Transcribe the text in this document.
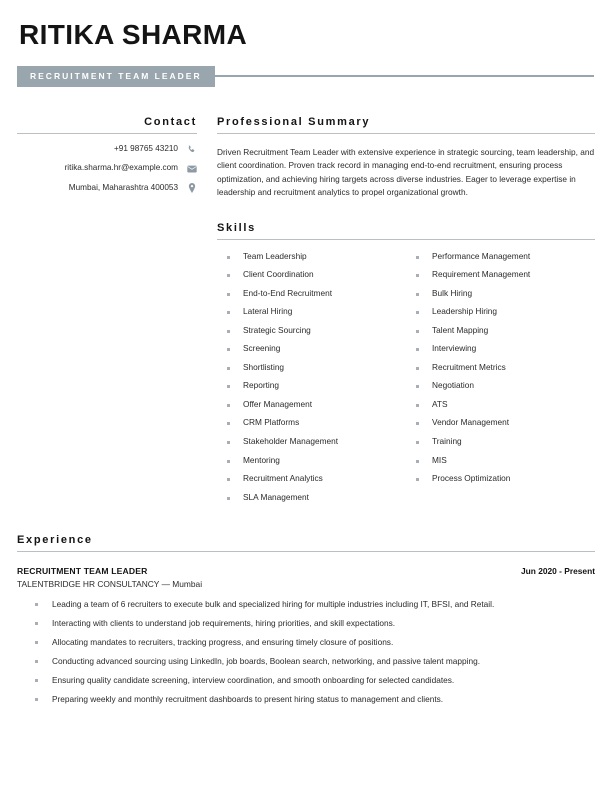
RITIKA SHARMA
RECRUITMENT TEAM LEADER
Contact
+91 98765 43210
ritika.sharma.hr@example.com
Mumbai, Maharashtra 400053
Professional Summary
Driven Recruitment Team Leader with extensive experience in strategic sourcing, team leadership, and client coordination. Proven track record in managing end-to-end recruitment, ensuring process optimization, and achieving hiring targets across diverse industries. Eager to leverage expertise in leadership and recruitment analytics to propel organizational growth.
Skills
Team Leadership
Client Coordination
End-to-End Recruitment
Lateral Hiring
Strategic Sourcing
Screening
Shortlisting
Reporting
Offer Management
CRM Platforms
Stakeholder Management
Mentoring
Recruitment Analytics
SLA Management
Performance Management
Requirement Management
Bulk Hiring
Leadership Hiring
Talent Mapping
Interviewing
Recruitment Metrics
Negotiation
ATS
Vendor Management
Training
MIS
Process Optimization
Experience
RECRUITMENT TEAM LEADER	Jun 2020 - Present
TALENTBRIDGE HR CONSULTANCY — Mumbai
Leading a team of 6 recruiters to execute bulk and specialized hiring for multiple industries including IT, BFSI, and Retail.
Interacting with clients to understand job requirements, hiring priorities, and skill expectations.
Allocating mandates to recruiters, tracking progress, and ensuring timely closure of positions.
Conducting advanced sourcing using LinkedIn, job boards, Boolean search, networking, and passive talent mapping.
Ensuring quality candidate screening, interview coordination, and smooth onboarding for selected candidates.
Preparing weekly and monthly recruitment dashboards to present hiring status to management and clients.
